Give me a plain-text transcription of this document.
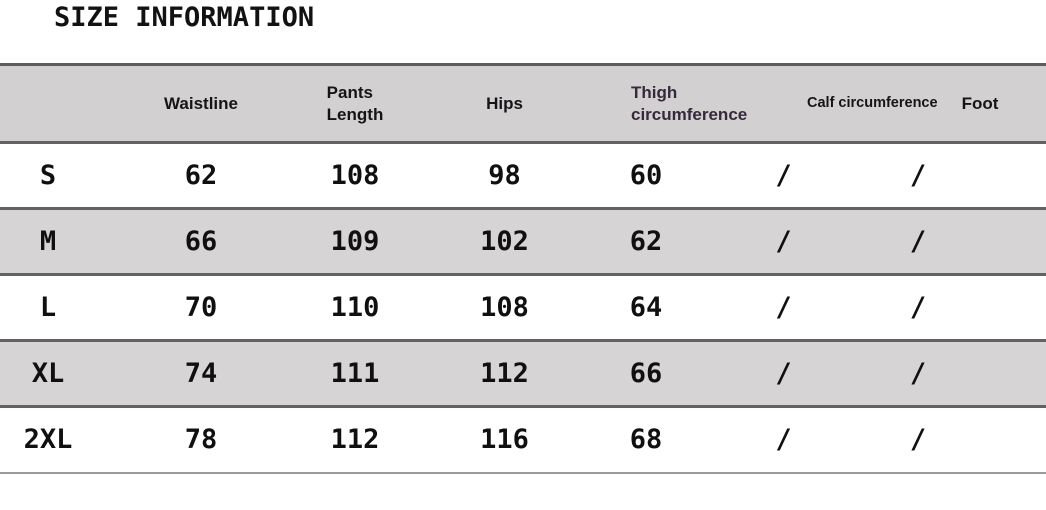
SIZE INFORMATION
	Waistline	Pants Length	Hips	Thigh circumference	Calf circumference	Foot
S	62	108	98	60	/	/
M	66	109	102	62	/	/
L	70	110	108	64	/	/
XL	74	111	112	66	/	/
2XL	78	112	116	68	/	/
